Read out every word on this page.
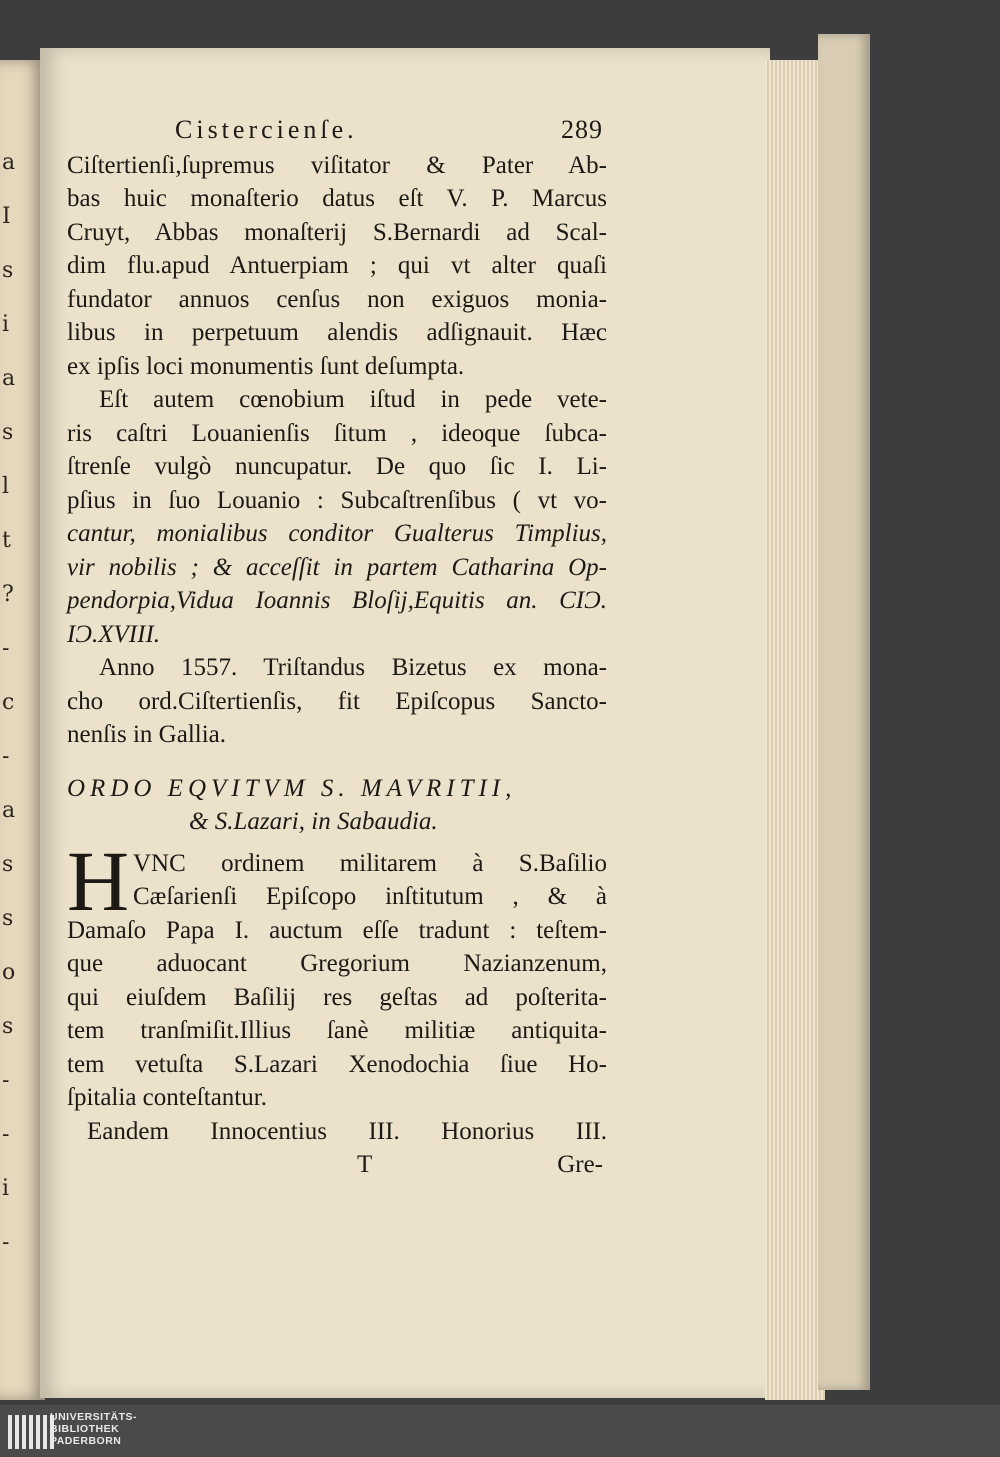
a
I
s
i
a
s
l
t
?
-
c
-
a
s
s
o
s
-
-
i
-
Cistercienſe.	289
Ciſtertienſi,ſupremus viſitator & Pater Ab-
bas huic monaſterio datus eſt V. P. Marcus
Cruyt, Abbas monaſterij S.Bernardi ad Scal-
dim flu.apud Antuerpiam ; qui vt alter quaſi
fundator annuos cenſus non exiguos monia-
libus in perpetuum alendis adſignauit. Hæc
ex ipſis loci monumentis ſunt deſumpta.
Eſt autem cœnobium iſtud in pede vete-
ris caſtri Louanienſis ſitum , ideoque ſubca-
ſtrenſe vulgò nuncupatur. De quo ſic I. Li-
pſius in ſuo Louanio : Subcaſtrenſibus ( vt vo-
cantur, monialibus conditor Gualterus Timplius,
vir nobilis ; & acceſſit in partem Catharina Op-
pendorpia,Vidua Ioannis Bloſij,Equitis an. CIƆ.
IƆ.XVIII.
Anno 1557. Triſtandus Bizetus ex mona-
cho ord.Ciſtertienſis, fit Epiſcopus Sancto-
nenſis in Gallia.
ORDO EQVITVM S. MAVRITII,
& S.Lazari, in Sabaudia.
H VNC ordinem militarem à S.Baſilio
Cæſarienſi Epiſcopo inſtitutum , & à
Damaſo Papa I. auctum eſſe tradunt : teſtem-
que aduocant Gregorium Nazianzenum,
qui eiuſdem Baſilij res geſtas ad poſterita-
tem tranſmiſit.Illius ſanè militiæ antiquita-
tem vetuſta S.Lazari Xenodochia ſiue Ho-
ſpitalia conteſtantur.
Eandem Innocentius III. Honorius III.
T	Gre-
UNIVERSITÄTS-
BIBLIOTHEK
PADERBORN
